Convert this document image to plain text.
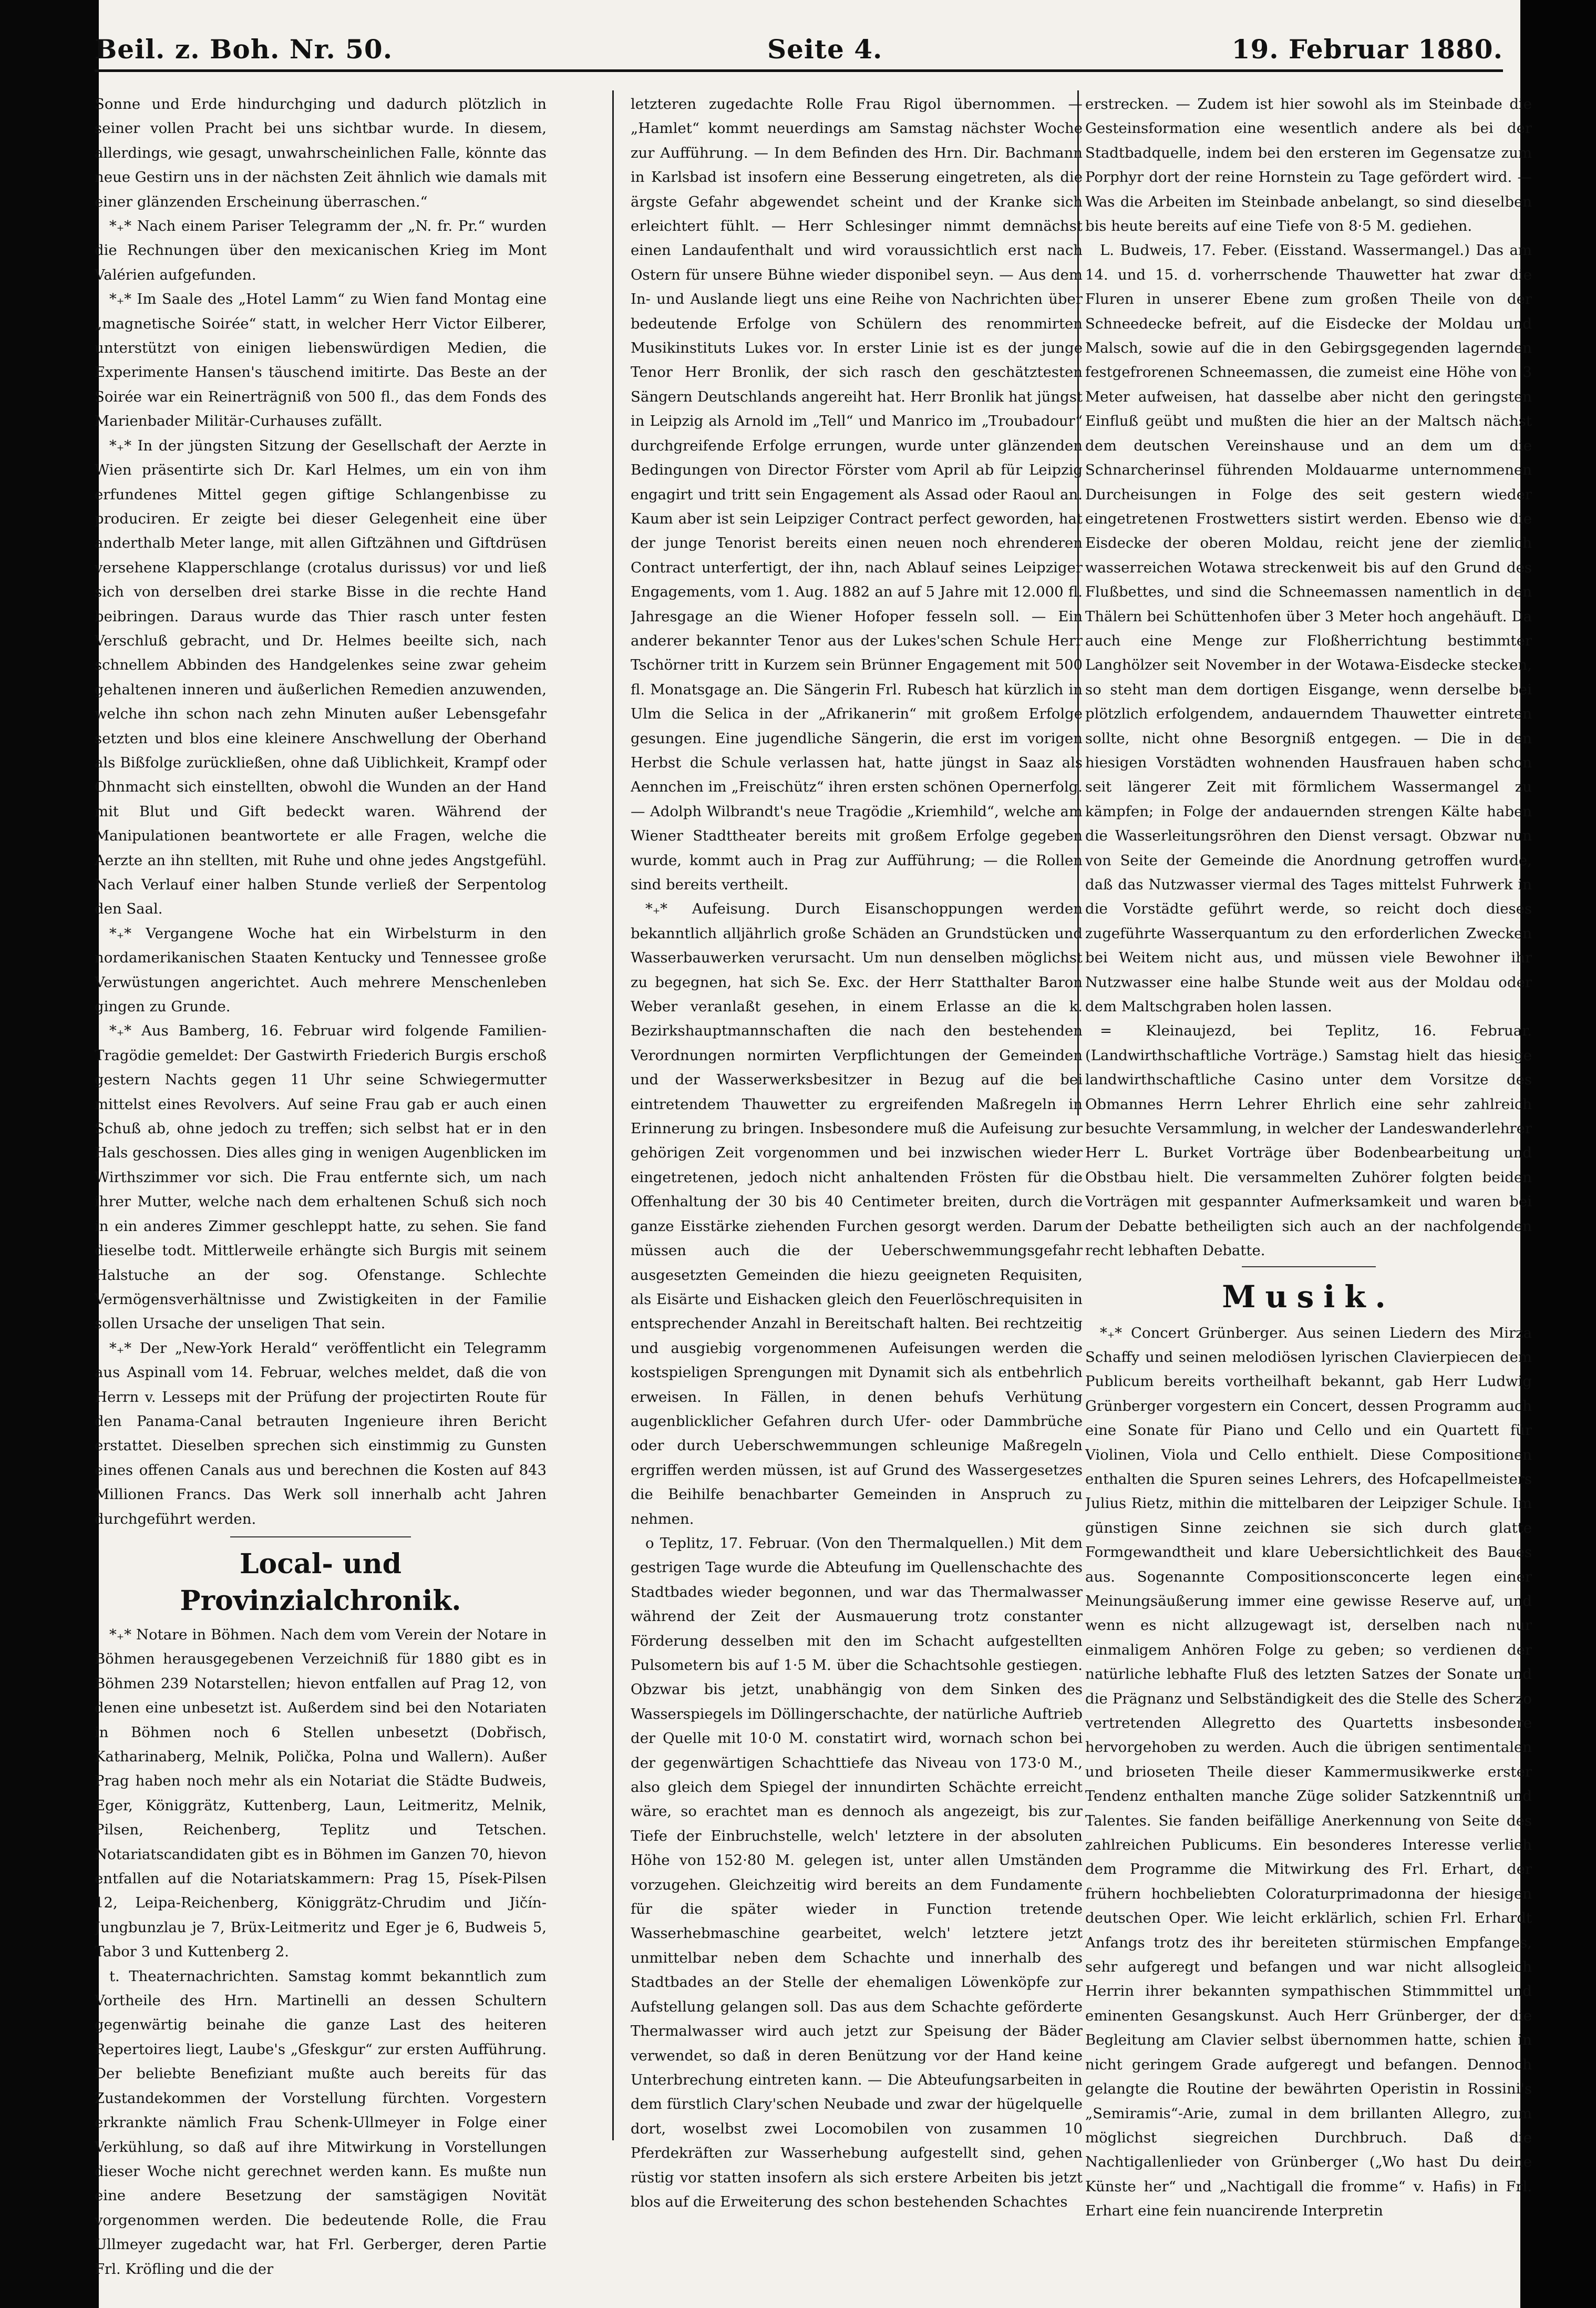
Beil. z. Boh. Nr. 50.	Seite 4.	19. Februar 1880.

Sonne und Erde hindurchging und dadurch plötzlich in seiner vollen Pracht bei uns sichtbar wurde. In diesem, allerdings, wie gesagt, unwahrscheinlichen Falle, könnte das neue Gestirn uns in der nächsten Zeit ähnlich wie damals mit einer glänzenden Erscheinung überraschen.“

*₊* Nach einem Pariser Telegramm der „N. fr. Pr.“ wurden die Rechnungen über den mexicanischen Krieg im Mont Valérien aufgefunden.

*₊* Im Saale des „Hotel Lamm“ zu Wien fand Montag eine „magnetische Soirée“ statt, in welcher Herr Victor Eilberer, unterstützt von einigen liebenswürdigen Medien, die Experimente Hansen's täuschend imitirte. Das Beste an der Soirée war ein Reinerträgniß von 500 fl., das dem Fonds des Marienbader Militär-Curhauses zufällt.

*₊* In der jüngsten Sitzung der Gesellschaft der Aerzte in Wien präsentirte sich Dr. Karl Helmes, um ein von ihm erfundenes Mittel gegen giftige Schlangenbisse zu produciren. Er zeigte bei dieser Gelegenheit eine über anderthalb Meter lange, mit allen Giftzähnen und Giftdrüsen versehene Klapperschlange (crotalus durissus) vor und ließ sich von derselben drei starke Bisse in die rechte Hand beibringen. Daraus wurde das Thier rasch unter festen Verschluß gebracht, und Dr. Helmes beeilte sich, nach schnellem Abbinden des Handgelenkes seine zwar geheim gehaltenen inneren und äußerlichen Remedien anzuwenden, welche ihn schon nach zehn Minuten außer Lebensgefahr setzten und blos eine kleinere Anschwellung der Oberhand als Bißfolge zurückließen, ohne daß Uiblichkeit, Krampf oder Ohnmacht sich einstellten, obwohl die Wunden an der Hand mit Blut und Gift bedeckt waren. Während der Manipulationen beantwortete er alle Fragen, welche die Aerzte an ihn stellten, mit Ruhe und ohne jedes Angstgefühl. Nach Verlauf einer halben Stunde verließ der Serpentolog den Saal.

*₊* Vergangene Woche hat ein Wirbelsturm in den nordamerikanischen Staaten Kentucky und Tennessee große Verwüstungen angerichtet. Auch mehrere Menschenleben gingen zu Grunde.

*₊* Aus Bamberg, 16. Februar wird folgende Familien-Tragödie gemeldet: Der Gastwirth Friederich Burgis erschoß gestern Nachts gegen 11 Uhr seine Schwiegermutter mittelst eines Revolvers. Auf seine Frau gab er auch einen Schuß ab, ohne jedoch zu treffen; sich selbst hat er in den Hals geschossen. Dies alles ging in wenigen Augenblicken im Wirthszimmer vor sich. Die Frau entfernte sich, um nach ihrer Mutter, welche nach dem erhaltenen Schuß sich noch in ein anderes Zimmer geschleppt hatte, zu sehen. Sie fand dieselbe todt. Mittlerweile erhängte sich Burgis mit seinem Halstuche an der sog. Ofenstange. Schlechte Vermögensverhältnisse und Zwistigkeiten in der Familie sollen Ursache der unseligen That sein.

*₊* Der „New-York Herald“ veröffentlicht ein Telegramm aus Aspinall vom 14. Februar, welches meldet, daß die von Herrn v. Lesseps mit der Prüfung der projectirten Route für den Panama-Canal betrauten Ingenieure ihren Bericht erstattet. Dieselben sprechen sich einstimmig zu Gunsten eines offenen Canals aus und berechnen die Kosten auf 843 Millionen Francs. Das Werk soll innerhalb acht Jahren durchgeführt werden.

Local- und Provinzialchronik.

*₊* Notare in Böhmen. Nach dem vom Verein der Notare in Böhmen herausgegebenen Verzeichniß für 1880 gibt es in Böhmen 239 Notarstellen; hievon entfallen auf Prag 12, von denen eine unbesetzt ist. Außerdem sind bei den Notariaten in Böhmen noch 6 Stellen unbesetzt (Dobřisch, Katharinaberg, Melnik, Polička, Polna und Wallern). Außer Prag haben noch mehr als ein Notariat die Städte Budweis, Eger, Königgrätz, Kuttenberg, Laun, Leitmeritz, Melnik, Pilsen, Reichenberg, Teplitz und Tetschen. Notariatscandidaten gibt es in Böhmen im Ganzen 70, hievon entfallen auf die Notariatskammern: Prag 15, Písek-Pilsen 12, Leipa-Reichenberg, Königgrätz-Chrudim und Jičín-Jungbunzlau je 7, Brüx-Leitmeritz und Eger je 6, Budweis 5, Tabor 3 und Kuttenberg 2.

t. Theaternachrichten. Samstag kommt bekanntlich zum Vortheile des Hrn. Martinelli an dessen Schultern gegenwärtig beinahe die ganze Last des heiteren Repertoires liegt, Laube's „Gfeskgur“ zur ersten Aufführung. Der beliebte Benefiziant mußte auch bereits für das Zustandekommen der Vorstellung fürchten. Vorgestern erkrankte nämlich Frau Schenk-Ullmeyer in Folge einer Verkühlung, so daß auf ihre Mitwirkung in Vorstellungen dieser Woche nicht gerechnet werden kann. Es mußte nun eine andere Besetzung der samstägigen Novität vorgenommen werden. Die bedeutende Rolle, die Frau Ullmeyer zugedacht war, hat Frl. Gerberger, deren Partie Frl. Kröfling und die der

letzteren zugedachte Rolle Frau Rigol übernommen. — „Hamlet“ kommt neuerdings am Samstag nächster Woche zur Aufführung. — In dem Befinden des Hrn. Dir. Bachmann in Karlsbad ist insofern eine Besserung eingetreten, als die ärgste Gefahr abgewendet scheint und der Kranke sich erleichtert fühlt. — Herr Schlesinger nimmt demnächst einen Landaufenthalt und wird voraussichtlich erst nach Ostern für unsere Bühne wieder disponibel seyn. — Aus dem In- und Auslande liegt uns eine Reihe von Nachrichten über bedeutende Erfolge von Schülern des renommirten Musikinstituts Lukes vor. In erster Linie ist es der junge Tenor Herr Bronlik, der sich rasch den geschätztesten Sängern Deutschlands angereiht hat. Herr Bronlik hat jüngst in Leipzig als Arnold im „Tell“ und Manrico im „Troubadour“ durchgreifende Erfolge errungen, wurde unter glänzenden Bedingungen von Director Förster vom April ab für Leipzig engagirt und tritt sein Engagement als Assad oder Raoul an. Kaum aber ist sein Leipziger Contract perfect geworden, hat der junge Tenorist bereits einen neuen noch ehrenderen Contract unterfertigt, der ihn, nach Ablauf seines Leipziger Engagements, vom 1. Aug. 1882 an auf 5 Jahre mit 12.000 fl. Jahresgage an die Wiener Hofoper fesseln soll. — Ein anderer bekannter Tenor aus der Lukes'schen Schule Herr Tschörner tritt in Kurzem sein Brünner Engagement mit 500 fl. Monatsgage an. Die Sängerin Frl. Rubesch hat kürzlich in Ulm die Selica in der „Afrikanerin“ mit großem Erfolge gesungen. Eine jugendliche Sängerin, die erst im vorigen Herbst die Schule verlassen hat, hatte jüngst in Saaz als Aennchen im „Freischütz“ ihren ersten schönen Opernerfolg. — Adolph Wilbrandt's neue Tragödie „Kriemhild“, welche am Wiener Stadttheater bereits mit großem Erfolge gegeben wurde, kommt auch in Prag zur Aufführung; — die Rollen sind bereits vertheilt.

*₊* Aufeisung. Durch Eisanschoppungen werden bekanntlich alljährlich große Schäden an Grundstücken und Wasserbauwerken verursacht. Um nun denselben möglichst zu begegnen, hat sich Se. Exc. der Herr Statthalter Baron Weber veranlaßt gesehen, in einem Erlasse an die k. Bezirkshauptmannschaften die nach den bestehenden Verordnungen normirten Verpflichtungen der Gemeinden und der Wasserwerksbesitzer in Bezug auf die bei eintretendem Thauwetter zu ergreifenden Maßregeln in Erinnerung zu bringen. Insbesondere muß die Aufeisung zur gehörigen Zeit vorgenommen und bei inzwischen wieder eingetretenen, jedoch nicht anhaltenden Frösten für die Offenhaltung der 30 bis 40 Centimeter breiten, durch die ganze Eisstärke ziehenden Furchen gesorgt werden. Darum müssen auch die der Ueberschwemmungsgefahr ausgesetzten Gemeinden die hiezu geeigneten Requisiten, als Eisärte und Eishacken gleich den Feuerlöschrequisiten in entsprechender Anzahl in Bereitschaft halten. Bei rechtzeitig und ausgiebig vorgenommenen Aufeisungen werden die kostspieligen Sprengungen mit Dynamit sich als entbehrlich erweisen. In Fällen, in denen behufs Verhütung augenblicklicher Gefahren durch Ufer- oder Dammbrüche oder durch Ueberschwemmungen schleunige Maßregeln ergriffen werden müssen, ist auf Grund des Wassergesetzes die Beihilfe benachbarter Gemeinden in Anspruch zu nehmen.

o Teplitz, 17. Februar. (Von den Thermalquellen.) Mit dem gestrigen Tage wurde die Abteufung im Quellenschachte des Stadtbades wieder begonnen, und war das Thermalwasser während der Zeit der Ausmauerung trotz constanter Förderung desselben mit den im Schacht aufgestellten Pulsometern bis auf 1·5 M. über die Schachtsohle gestiegen. Obzwar bis jetzt, unabhängig von dem Sinken des Wasserspiegels im Döllingerschachte, der natürliche Auftrieb der Quelle mit 10·0 M. constatirt wird, wornach schon bei der gegenwärtigen Schachttiefe das Niveau von 173·0 M., also gleich dem Spiegel der innundirten Schächte erreicht wäre, so erachtet man es dennoch als angezeigt, bis zur Tiefe der Einbruchstelle, welch' letztere in der absoluten Höhe von 152·80 M. gelegen ist, unter allen Umständen vorzugehen. Gleichzeitig wird bereits an dem Fundamente für die später wieder in Function tretende Wasserhebmaschine gearbeitet, welch' letztere jetzt unmittelbar neben dem Schachte und innerhalb des Stadtbades an der Stelle der ehemaligen Löwenköpfe zur Aufstellung gelangen soll. Das aus dem Schachte geförderte Thermalwasser wird auch jetzt zur Speisung der Bäder verwendet, so daß in deren Benützung vor der Hand keine Unterbrechung eintreten kann. — Die Abteufungsarbeiten in dem fürstlich Clary'schen Neubade und zwar der hügelquelle dort, woselbst zwei Locomobilen von zusammen 10 Pferdekräften zur Wasserhebung aufgestellt sind, gehen rüstig vor statten insofern als sich erstere Arbeiten bis jetzt blos auf die Erweiterung des schon bestehenden Schachtes

erstrecken. — Zudem ist hier sowohl als im Steinbade die Gesteinsformation eine wesentlich andere als bei der Stadtbadquelle, indem bei den ersteren im Gegensatze zum Porphyr dort der reine Hornstein zu Tage gefördert wird. — Was die Arbeiten im Steinbade anbelangt, so sind dieselben bis heute bereits auf eine Tiefe von 8·5 M. gediehen.

L. Budweis, 17. Feber. (Eisstand. Wassermangel.) Das am 14. und 15. d. vorherrschende Thauwetter hat zwar die Fluren in unserer Ebene zum großen Theile von der Schneedecke befreit, auf die Eisdecke der Moldau und Malsch, sowie auf die in den Gebirgsgegenden lagernden festgefrorenen Schneemassen, die zumeist eine Höhe von 3 Meter aufweisen, hat dasselbe aber nicht den geringsten Einfluß geübt und mußten die hier an der Maltsch nächst dem deutschen Vereinshause und an dem um die Schnarcherinsel führenden Moldauarme unternommenen Durcheisungen in Folge des seit gestern wieder eingetretenen Frostwetters sistirt werden. Ebenso wie die Eisdecke der oberen Moldau, reicht jene der ziemlich wasserreichen Wotawa streckenweit bis auf den Grund des Flußbettes, und sind die Schneemassen namentlich in den Thälern bei Schüttenhofen über 3 Meter hoch angehäuft. Da auch eine Menge zur Floßherrichtung bestimmter Langhölzer seit November in der Wotawa-Eisdecke stecken, so steht man dem dortigen Eisgange, wenn derselbe bei plötzlich erfolgendem, andauerndem Thauwetter eintreten sollte, nicht ohne Besorgniß entgegen. — Die in den hiesigen Vorstädten wohnenden Hausfrauen haben schon seit längerer Zeit mit förmlichem Wassermangel zu kämpfen; in Folge der andauernden strengen Kälte haben die Wasserleitungsröhren den Dienst versagt. Obzwar nun von Seite der Gemeinde die Anordnung getroffen wurde, daß das Nutzwasser viermal des Tages mittelst Fuhrwerk in die Vorstädte geführt werde, so reicht doch dieses zugeführte Wasserquantum zu den erforderlichen Zwecken bei Weitem nicht aus, und müssen viele Bewohner ihr Nutzwasser eine halbe Stunde weit aus der Moldau oder dem Maltschgraben holen lassen.

= Kleinaujezd, bei Teplitz, 16. Februar. (Landwirthschaftliche Vorträge.) Samstag hielt das hiesige landwirthschaftliche Casino unter dem Vorsitze des Obmannes Herrn Lehrer Ehrlich eine sehr zahlreich besuchte Versammlung, in welcher der Landeswanderlehrer Herr L. Burket Vorträge über Bodenbearbeitung und Obstbau hielt. Die versammelten Zuhörer folgten beiden Vorträgen mit gespannter Aufmerksamkeit und waren bei der Debatte betheiligten sich auch an der nachfolgenden recht lebhaften Debatte.

Musik.

*₊* Concert Grünberger. Aus seinen Liedern des Mirza Schaffy und seinen melodiösen lyrischen Clavierpiecen dem Publicum bereits vortheilhaft bekannt, gab Herr Ludwig Grünberger vorgestern ein Concert, dessen Programm auch eine Sonate für Piano und Cello und ein Quartett für Violinen, Viola und Cello enthielt. Diese Compositionen enthalten die Spuren seines Lehrers, des Hofcapellmeisters Julius Rietz, mithin die mittelbaren der Leipziger Schule. Im günstigen Sinne zeichnen sie sich durch glatte Formgewandtheit und klare Uebersichtlichkeit des Baues aus. Sogenannte Compositionsconcerte legen einer Meinungsäußerung immer eine gewisse Reserve auf, und wenn es nicht allzugewagt ist, derselben nach nur einmaligem Anhören Folge zu geben; so verdienen der natürliche lebhafte Fluß des letzten Satzes der Sonate und die Prägnanz und Selbständigkeit des die Stelle des Scherzo vertretenden Allegretto des Quartetts insbesondere hervorgehoben zu werden. Auch die übrigen sentimentalen und brioseten Theile dieser Kammermusikwerke erster Tendenz enthalten manche Züge solider Satzkenntniß und Talentes. Sie fanden beifällige Anerkennung von Seite des zahlreichen Publicums. Ein besonderes Interesse verlieh dem Programme die Mitwirkung des Frl. Erhart, der frühern hochbeliebten Coloraturprimadonna der hiesigen deutschen Oper. Wie leicht erklärlich, schien Frl. Erhardt Anfangs trotz des ihr bereiteten stürmischen Empfanges, sehr aufgeregt und befangen und war nicht allsogleich Herrin ihrer bekannten sympathischen Stimmmittel und eminenten Gesangskunst. Auch Herr Grünberger, der die Begleitung am Clavier selbst übernommen hatte, schien in nicht geringem Grade aufgeregt und befangen. Dennoch gelangte die Routine der bewährten Operistin in Rossini's „Semiramis“-Arie, zumal in dem brillanten Allegro, zum möglichst siegreichen Durchbruch. Daß die Nachtigallenlieder von Grünberger („Wo hast Du deine Künste her“ und „Nachtigall die fromme“ v. Hafis) in Frl. Erhart eine fein nuancirende Interpretin
